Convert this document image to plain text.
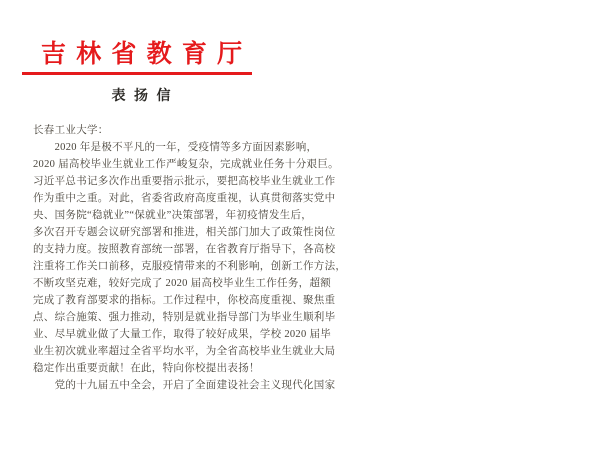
吉 林 省 教 育 厅
表 扬 信
长春工业大学：
　　2020 年是极不平凡的一年，受疫情等多方面因素影响，
2020 届高校毕业生就业工作严峻复杂，完成就业任务十分艰巨。
习近平总书记多次作出重要指示批示，要把高校毕业生就业工作
作为重中之重。对此，省委省政府高度重视，认真贯彻落实党中
央、国务院“稳就业”“保就业”决策部署，年初疫情发生后，
多次召开专题会议研究部署和推进，相关部门加大了政策性岗位
的支持力度。按照教育部统一部署，在省教育厅指导下，各高校
注重将工作关口前移，克服疫情带来的不利影响，创新工作方法，
不断攻坚克难，较好完成了 2020 届高校毕业生工作任务，超额
完成了教育部要求的指标。工作过程中，你校高度重视、聚焦重
点、综合施策、强力推动，特别是就业指导部门为毕业生顺利毕
业、尽早就业做了大量工作，取得了较好成果，学校 2020 届毕
业生初次就业率超过全省平均水平，为全省高校毕业生就业大局
稳定作出重要贡献！在此，特向你校提出表扬！
　　党的十九届五中全会，开启了全面建设社会主义现代化国家
